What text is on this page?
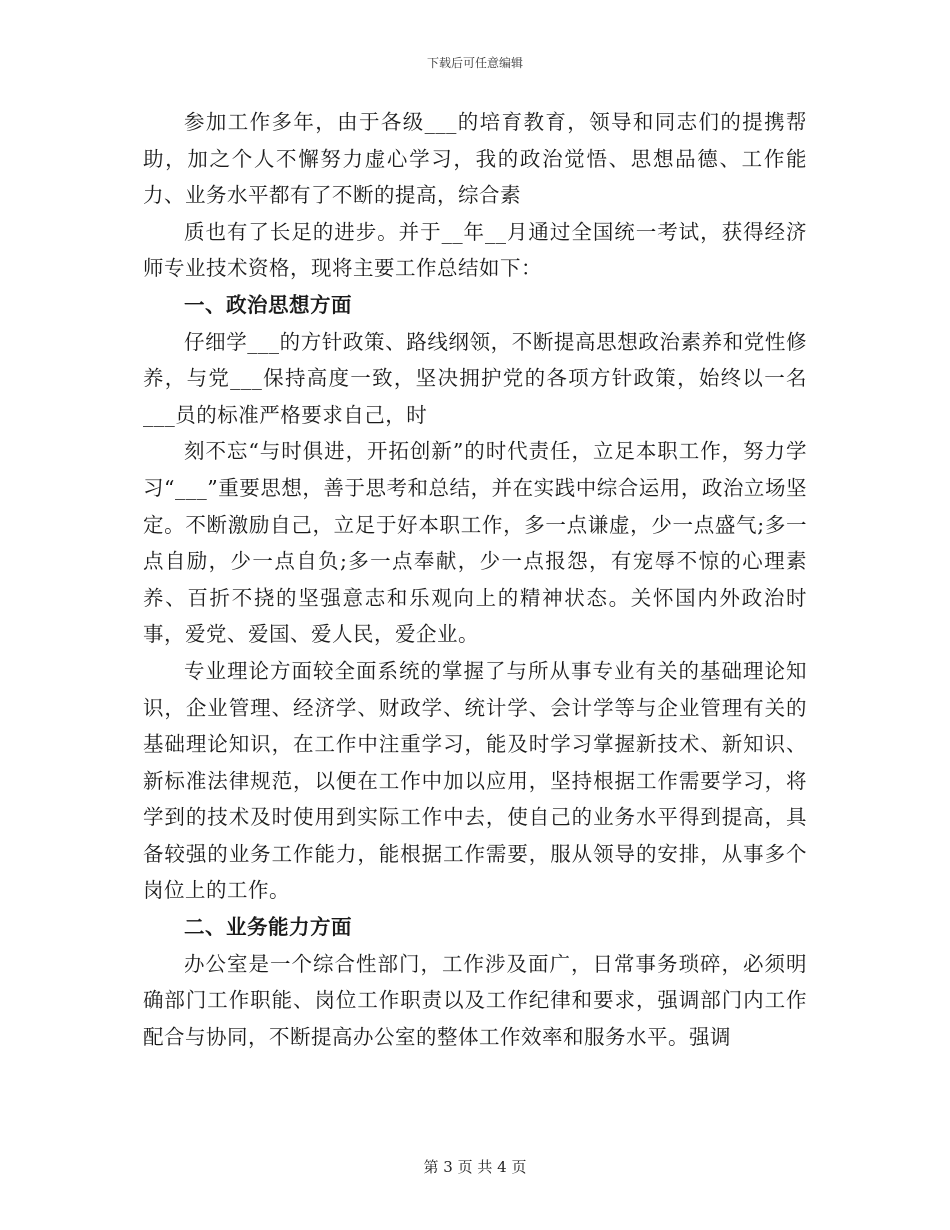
下载后可任意编辑

参加工作多年，由于各级___的培育教育，领导和同志们的提携帮助，加之个人不懈努力虚心学习，我的政治觉悟、思想品德、工作能力、业务水平都有了不断的提高，综合素

质也有了长足的进步。并于__年__月通过全国统一考试，获得经济师专业技术资格，现将主要工作总结如下：

一、政治思想方面

仔细学___的方针政策、路线纲领，不断提高思想政治素养和党性修养，与党___保持高度一致，坚决拥护党的各项方针政策，始终以一名___员的标准严格要求自己，时

刻不忘“与时俱进，开拓创新”的时代责任，立足本职工作，努力学习“___”重要思想，善于思考和总结，并在实践中综合运用，政治立场坚定。不断激励自己，立足于好本职工作，多一点谦虚，少一点盛气;多一点自励，少一点自负;多一点奉献，少一点报怨，有宠辱不惊的心理素养、百折不挠的坚强意志和乐观向上的精神状态。关怀国内外政治时事，爱党、爱国、爱人民，爱企业。

专业理论方面较全面系统的掌握了与所从事专业有关的基础理论知识，企业管理、经济学、财政学、统计学、会计学等与企业管理有关的基础理论知识，在工作中注重学习，能及时学习掌握新技术、新知识、新标准法律规范，以便在工作中加以应用，坚持根据工作需要学习，将学到的技术及时使用到实际工作中去，使自己的业务水平得到提高，具备较强的业务工作能力，能根据工作需要，服从领导的安排，从事多个岗位上的工作。

二、业务能力方面

办公室是一个综合性部门，工作涉及面广，日常事务琐碎，必须明确部门工作职能、岗位工作职责以及工作纪律和要求，强调部门内工作配合与协同，不断提高办公室的整体工作效率和服务水平。强调

第 3 页 共 4 页
